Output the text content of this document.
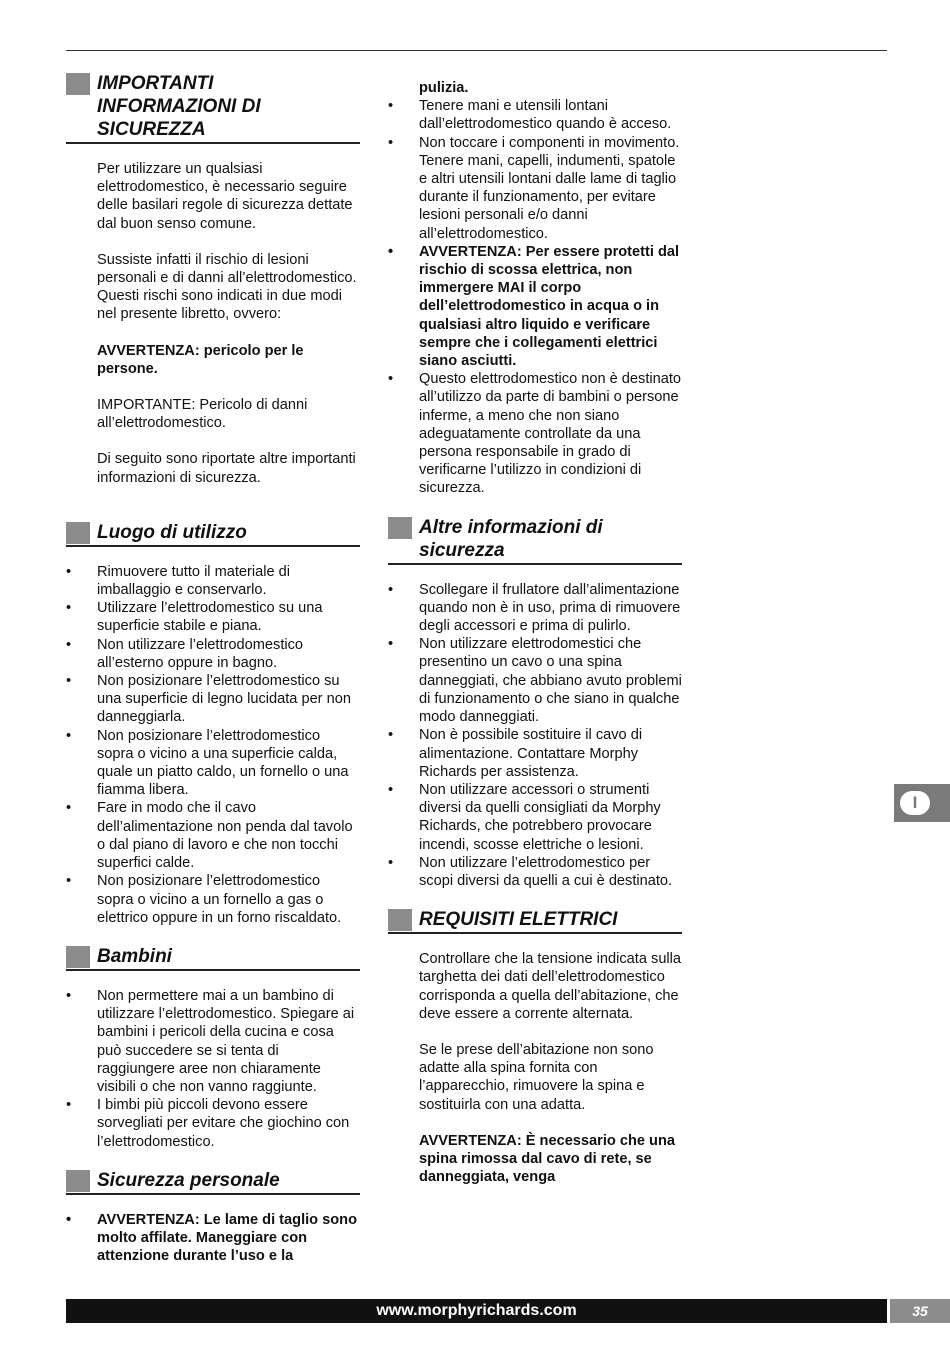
IMPORTANTI INFORMAZIONI DI SICUREZZA

Per utilizzare un qualsiasi elettrodomestico, è necessario seguire delle basilari regole di sicurezza dettate dal buon senso comune.

Sussiste infatti il rischio di lesioni personali e di danni all’elettrodomestico. Questi rischi sono indicati in due modi nel presente libretto, ovvero:

AVVERTENZA: pericolo per le persone.

IMPORTANTE: Pericolo di danni all’elettrodomestico.

Di seguito sono riportate altre importanti informazioni di sicurezza.

Luogo di utilizzo
•	Rimuovere tutto il materiale di imballaggio e conservarlo.
•	Utilizzare l’elettrodomestico su una superficie stabile e piana.
•	Non utilizzare l’elettrodomestico all’esterno oppure in bagno.
•	Non posizionare l’elettrodomestico su una superficie di legno lucidata per non danneggiarla.
•	Non posizionare l’elettrodomestico sopra o vicino a una superficie calda, quale un piatto caldo, un fornello o una fiamma libera.
•	Fare in modo che il cavo dell’alimentazione non penda dal tavolo o dal piano di lavoro e che non tocchi superfici calde.
•	Non posizionare l’elettrodomestico sopra o vicino a un fornello a gas o elettrico oppure in un forno riscaldato.
Bambini
•	Non permettere mai a un bambino di utilizzare l’elettrodomestico. Spiegare ai bambini i pericoli della cucina e cosa può succedere se si tenta di raggiungere aree non chiaramente visibili o che non vanno raggiunte.
•	I bimbi più piccoli devono essere sorvegliati per evitare che giochino con l’elettrodomestico.
Sicurezza personale
•	AVVERTENZA: Le lame di taglio sono molto affilate. Maneggiare con attenzione durante l’uso e la
pulizia.
•	Tenere mani e utensili lontani dall’elettrodomestico quando è acceso.
•	Non toccare i componenti in movimento. Tenere mani, capelli, indumenti, spatole e altri utensili lontani dalle lame di taglio durante il funzionamento, per evitare lesioni personali e/o danni all’elettrodomestico.
•	AVVERTENZA: Per essere protetti dal rischio di scossa elettrica, non immergere MAI il corpo dell’elettrodomestico in acqua o in qualsiasi altro liquido e verificare sempre che i collegamenti elettrici siano asciutti.
•	Questo elettrodomestico non è destinato all’utilizzo da parte di bambini o persone inferme, a meno che non siano adeguatamente controllate da una persona responsabile in grado di verificarne l’utilizzo in condizioni di sicurezza.
Altre informazioni di sicurezza
•	Scollegare il frullatore dall’alimentazione quando non è in uso, prima di rimuovere degli accessori e prima di pulirlo.
•	Non utilizzare elettrodomestici che presentino un cavo o una spina danneggiati, che abbiano avuto problemi di funzionamento o che siano in qualche modo danneggiati.
•	Non è possibile sostituire il cavo di alimentazione. Contattare Morphy Richards per assistenza.
•	Non utilizzare accessori o strumenti diversi da quelli consigliati da Morphy Richards, che potrebbero provocare incendi, scosse elettriche o lesioni.
•	Non utilizzare l’elettrodomestico per scopi diversi da quelli a cui è destinato.
REQUISITI ELETTRICI

Controllare che la tensione indicata sulla targhetta dei dati dell’elettrodomestico corrisponda a quella dell’abitazione, che deve essere a corrente alternata.

Se le prese dell’abitazione non sono adatte alla spina fornita con l’apparecchio, rimuovere la spina e sostituirla con una adatta.

AVVERTENZA: È necessario che una spina rimossa dal cavo di rete, se danneggiata, venga

I
www.morphyrichards.com	35
